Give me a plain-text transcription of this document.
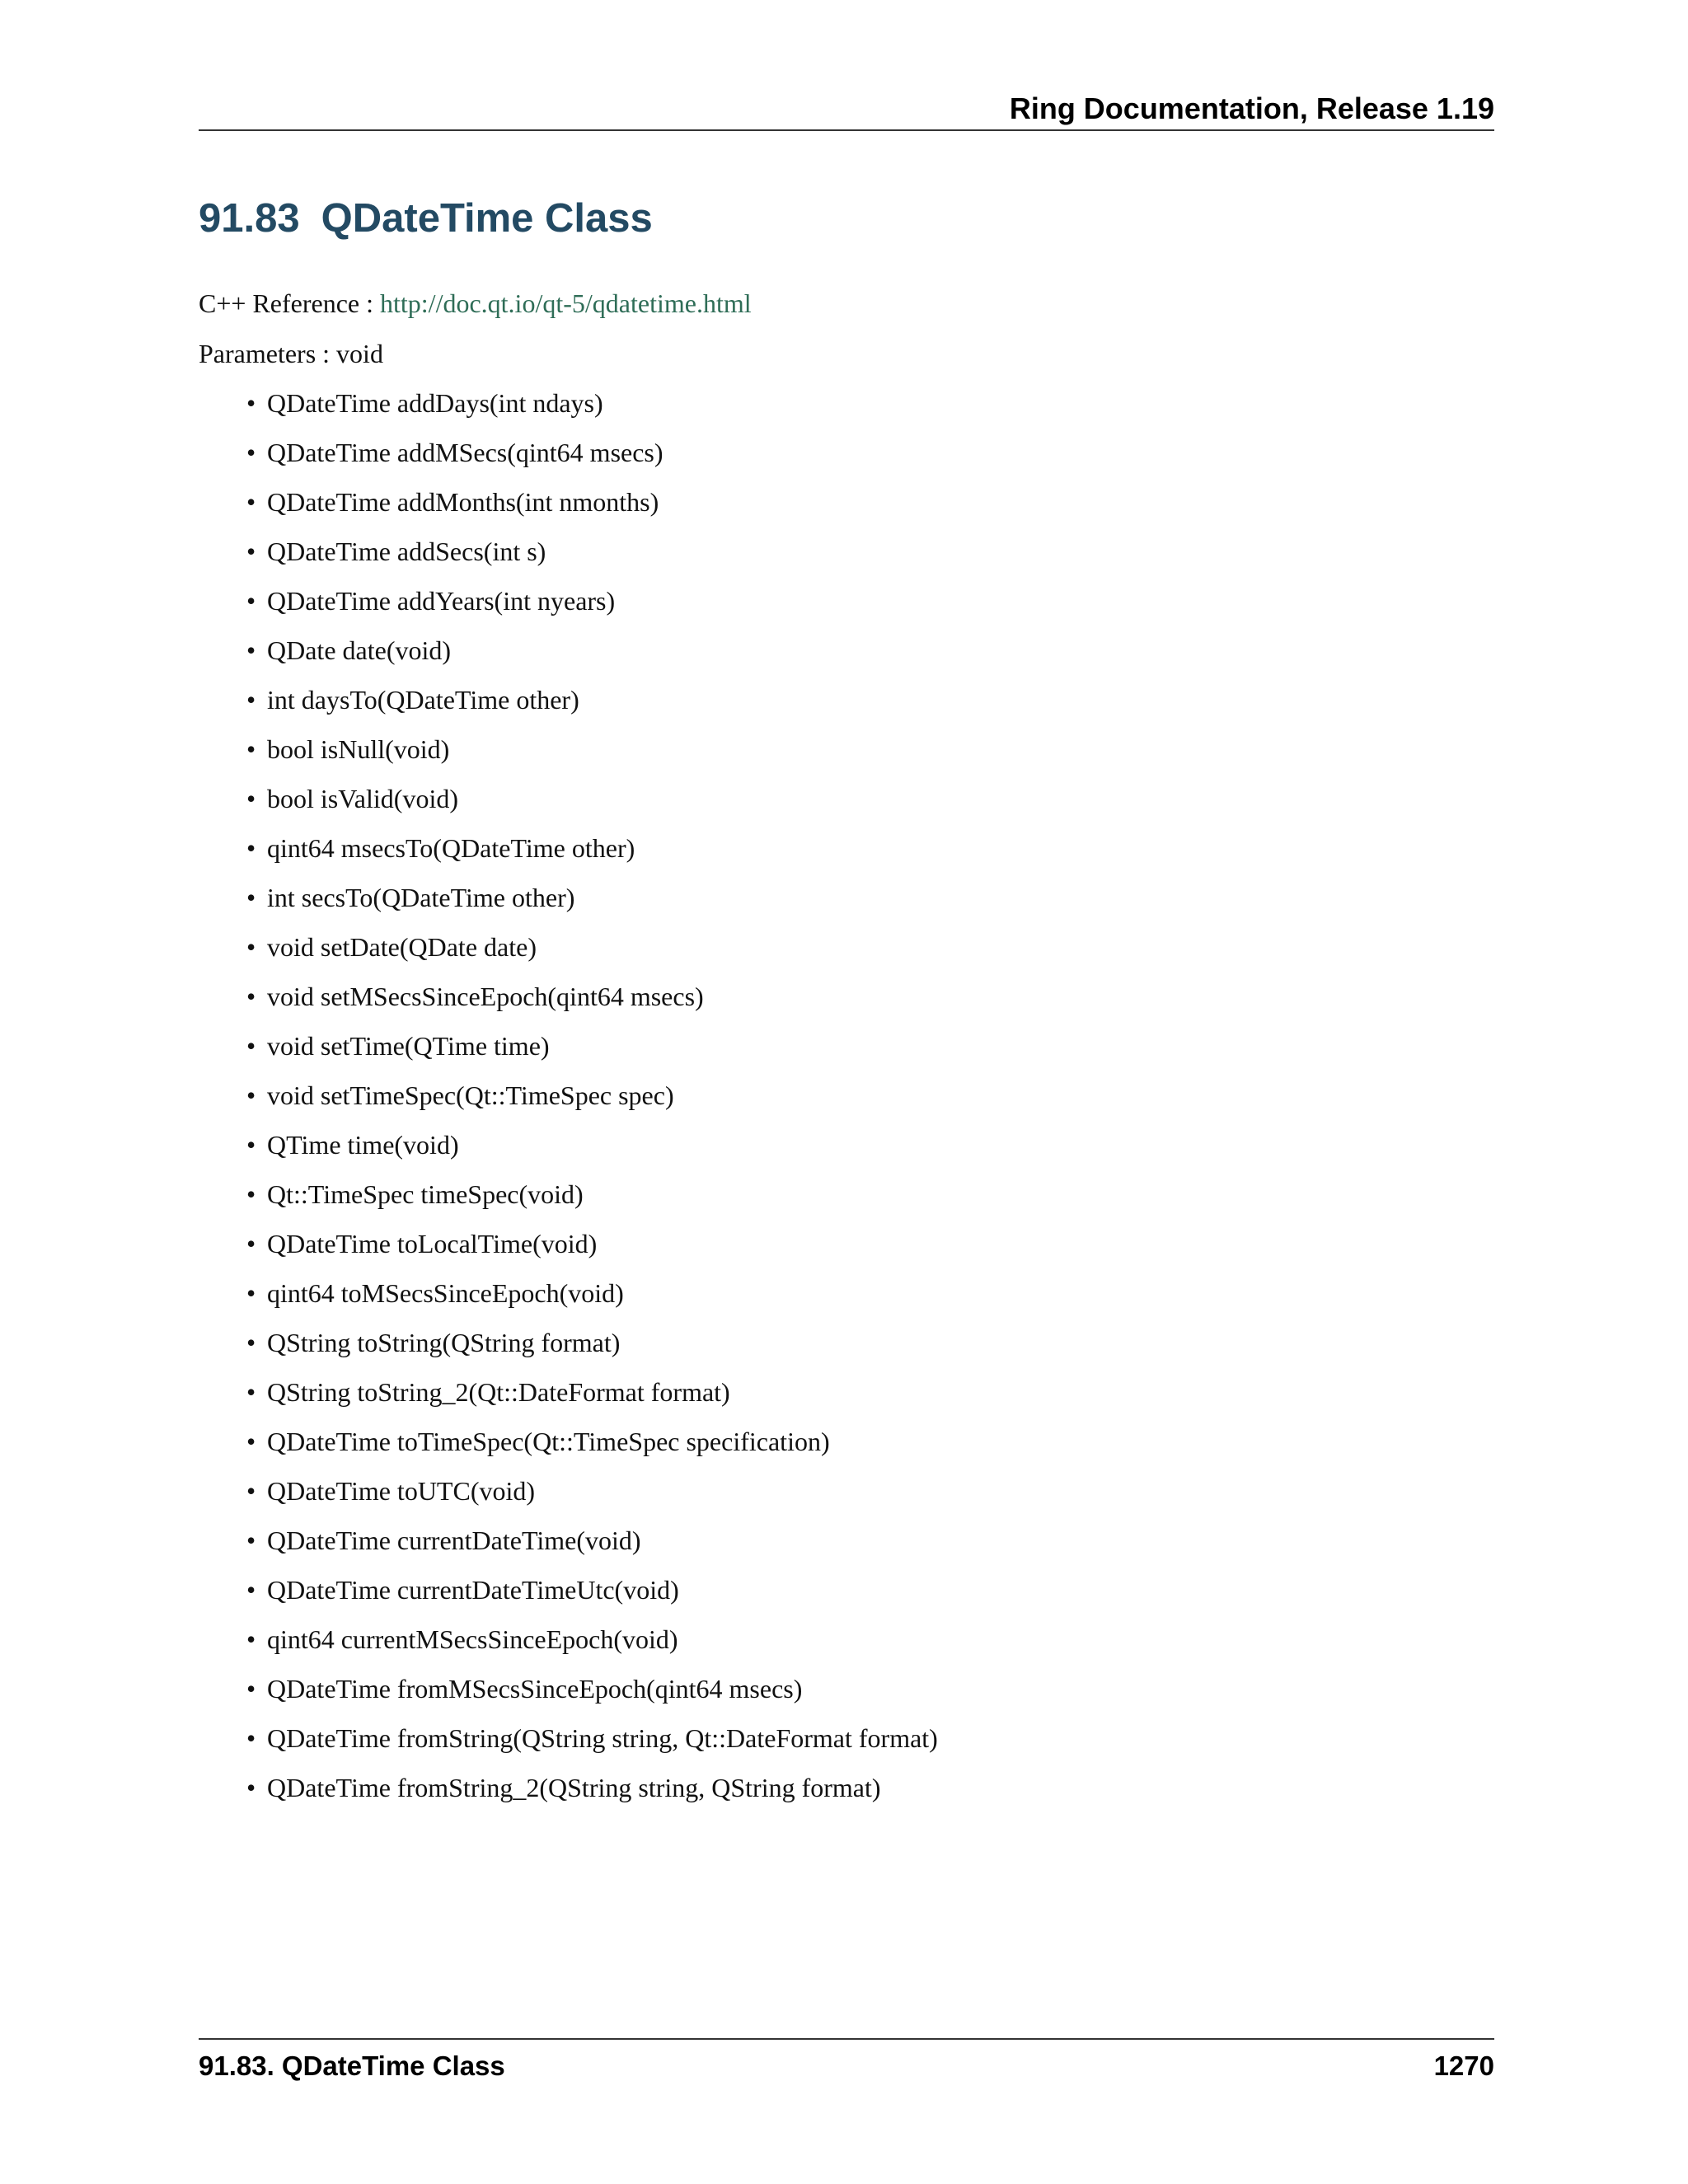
Ring Documentation, Release 1.19
91.83 QDateTime Class
C++ Reference : http://doc.qt.io/qt-5/qdatetime.html
Parameters : void
• QDateTime addDays(int ndays)
• QDateTime addMSecs(qint64 msecs)
• QDateTime addMonths(int nmonths)
• QDateTime addSecs(int s)
• QDateTime addYears(int nyears)
• QDate date(void)
• int daysTo(QDateTime other)
• bool isNull(void)
• bool isValid(void)
• qint64 msecsTo(QDateTime other)
• int secsTo(QDateTime other)
• void setDate(QDate date)
• void setMSecsSinceEpoch(qint64 msecs)
• void setTime(QTime time)
• void setTimeSpec(Qt::TimeSpec spec)
• QTime time(void)
• Qt::TimeSpec timeSpec(void)
• QDateTime toLocalTime(void)
• qint64 toMSecsSinceEpoch(void)
• QString toString(QString format)
• QString toString_2(Qt::DateFormat format)
• QDateTime toTimeSpec(Qt::TimeSpec specification)
• QDateTime toUTC(void)
• QDateTime currentDateTime(void)
• QDateTime currentDateTimeUtc(void)
• qint64 currentMSecsSinceEpoch(void)
• QDateTime fromMSecsSinceEpoch(qint64 msecs)
• QDateTime fromString(QString string, Qt::DateFormat format)
• QDateTime fromString_2(QString string, QString format)
91.83. QDateTime Class	1270
